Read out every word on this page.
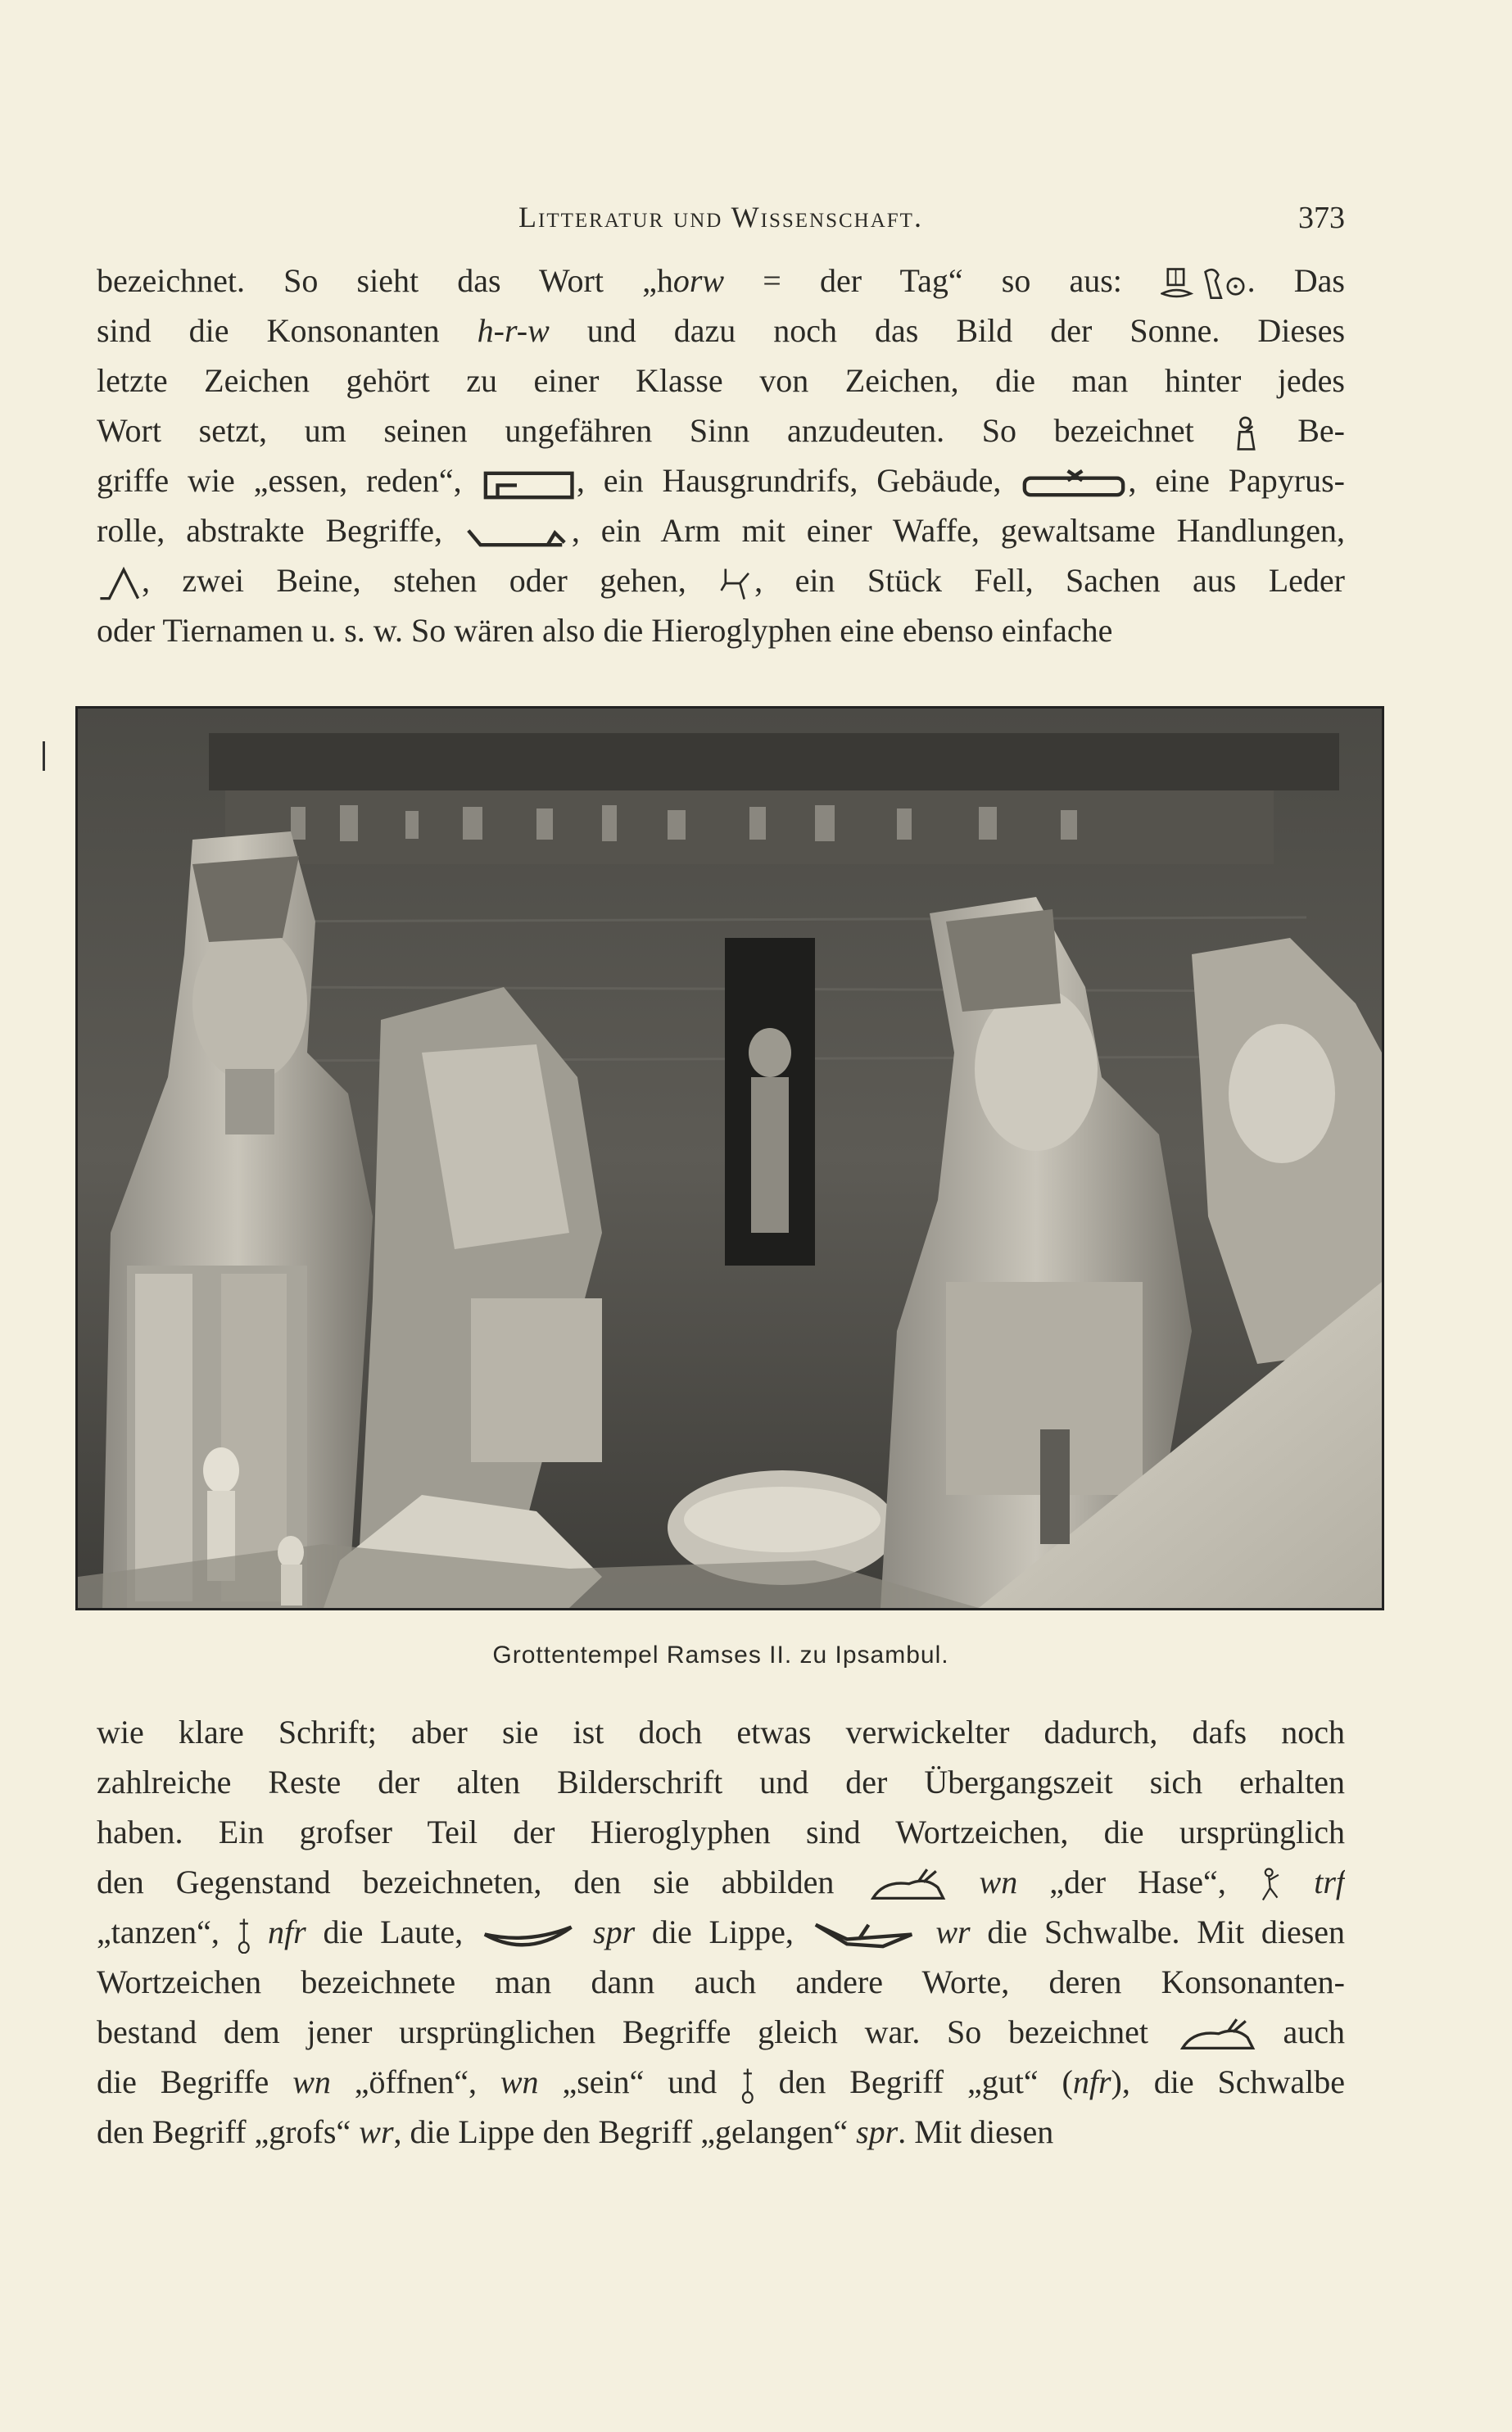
Litteratur und Wissenschaft.	373
bezeichnet. So sieht das Wort „horw = der Tag“ so aus:	. Das
sind die Konsonanten h-r-w und dazu noch das Bild der Sonne. Dieses
letzte Zeichen gehört zu einer Klasse von Zeichen, die man hinter jedes
Wort setzt, um seinen ungefähren Sinn anzudeuten. So bezeichnet
Be-
griffe wie „essen, reden“,	, ein Hausgrundrifs, Gebäude,	, eine Papyrus-
rolle, abstrakte Begriffe,	, ein Arm mit einer Waffe, gewaltsame Handlungen,
, zwei Beine, stehen oder gehen,
, ein Stück Fell, Sachen aus Leder
oder Tiernamen u. s. w. So wären also die Hieroglyphen eine ebenso einfache
Grottentempel Ramses II. zu Ipsambul.
wie klare Schrift; aber sie ist doch etwas verwickelter dadurch, dafs noch
zahlreiche Reste der alten Bilderschrift und der Übergangszeit sich erhalten
haben. Ein grofser Teil der Hieroglyphen sind Wortzeichen, die ursprünglich
den Gegenstand bezeichneten, den sie abbilden	wn „der Hase“,
trf
„tanzen“,
nfr die Laute,	spr die Lippe,	wr die Schwalbe. Mit diesen
Wortzeichen bezeichnete man dann auch andere Worte, deren Konsonanten-
bestand dem jener ursprünglichen Begriffe gleich war. So bezeichnet
auch
die Begriffe wn „öffnen“, wn „sein“ und
den Begriff „gut“ (nfr), die Schwalbe
den Begriff „grofs“ wr, die Lippe den Begriff „gelangen“ spr. Mit diesen
